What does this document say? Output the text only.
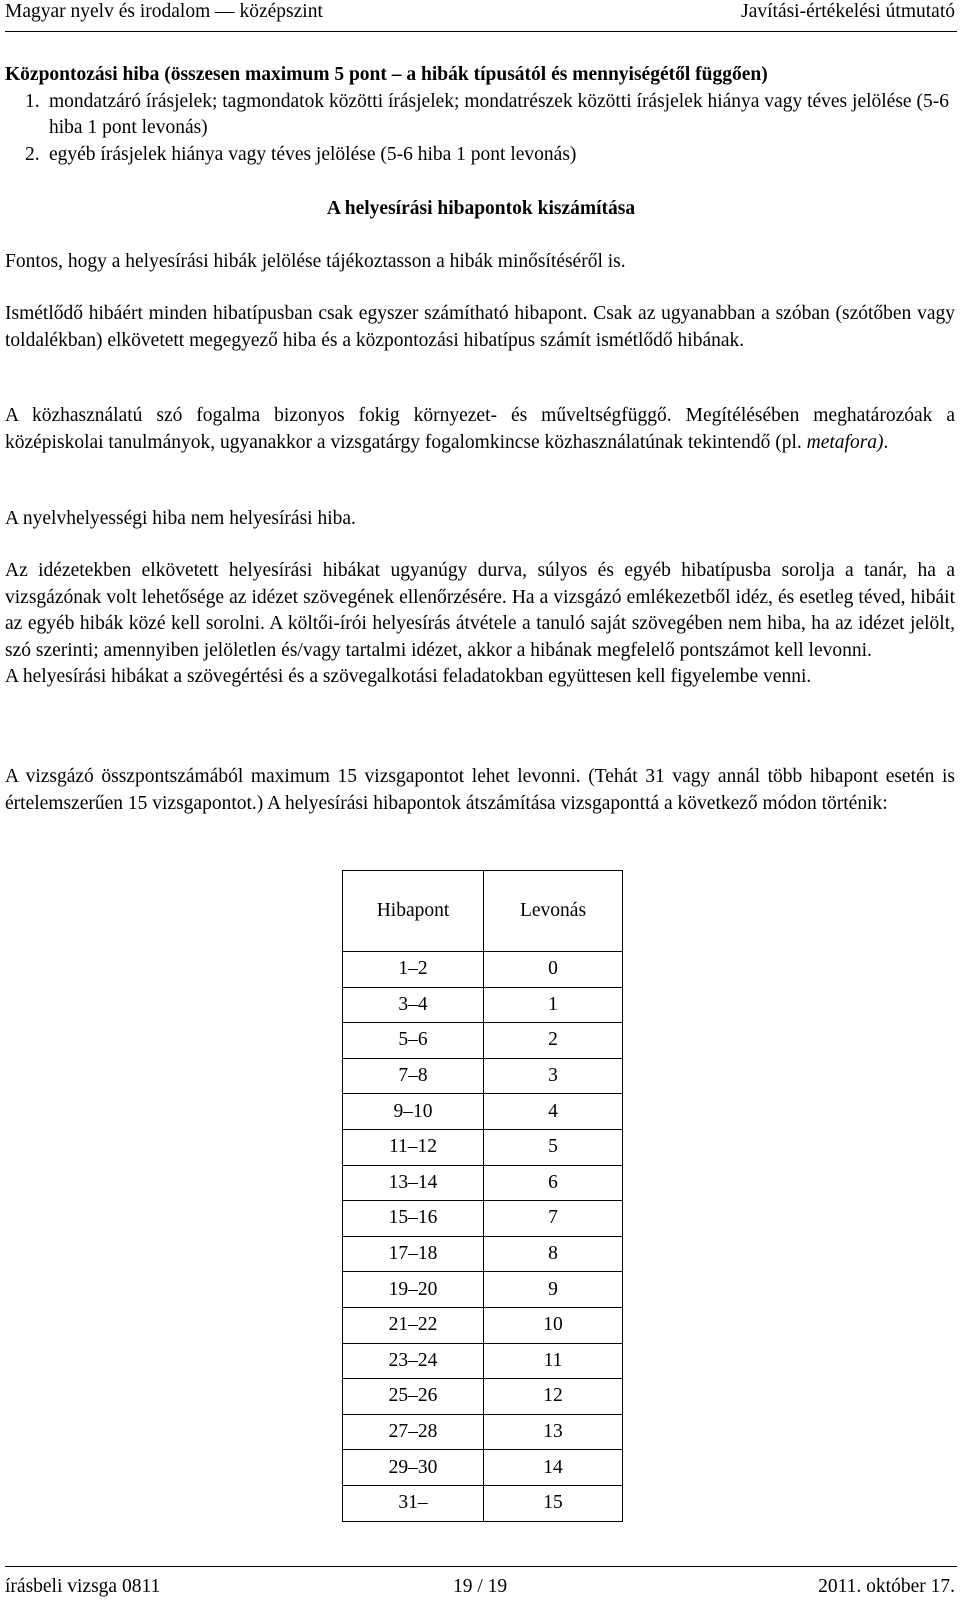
Magyar nyelv és irodalom — középszint	Javítási-értékelési útmutató

Központozási hiba (összesen maximum 5 pont – a hibák típusától és mennyiségétől függően)

1. mondatzáró írásjelek; tagmondatok közötti írásjelek; mondatrészek közötti írásjelek hiánya vagy téves jelölése (5-6 hiba 1 pont levonás)
2. egyéb írásjelek hiánya vagy téves jelölése (5-6 hiba 1 pont levonás)
A helyesírási hibapontok kiszámítása

Fontos, hogy a helyesírási hibák jelölése tájékoztasson a hibák minősítéséről is.

Ismétlődő hibáért minden hibatípusban csak egyszer számítható hibapont. Csak az ugyanabban a szóban (szótőben vagy toldalékban) elkövetett megegyező hiba és a központozási hibatípus számít ismétlődő hibának.

A közhasználatú szó fogalma bizonyos fokig környezet- és műveltségfüggő. Megítélésében meghatározóak a középiskolai tanulmányok, ugyanakkor a vizsgatárgy fogalomkincse közhasználatúnak tekintendő (pl. metafora).

A nyelvhelyességi hiba nem helyesírási hiba.

Az idézetekben elkövetett helyesírási hibákat ugyanúgy durva, súlyos és egyéb hibatípusba sorolja a tanár, ha a vizsgázónak volt lehetősége az idézet szövegének ellenőrzésére. Ha a vizsgázó emlékezetből idéz, és esetleg téved, hibáit az egyéb hibák közé kell sorolni. A költői-írói helyesírás átvétele a tanuló saját szövegében nem hiba, ha az idézet jelölt, szó szerinti; amennyiben jelöletlen és/vagy tartalmi idézet, akkor a hibának megfelelő pontszámot kell levonni.

A helyesírási hibákat a szövegértési és a szövegalkotási feladatokban együttesen kell figyelembe venni.

A vizsgázó összpontszámából maximum 15 vizsgapontot lehet levonni. (Tehát 31 vagy annál több hibapont esetén is értelemszerűen 15 vizsgapontot.) A helyesírási hibapontok átszámítása vizsgaponttá a következő módon történik:

Hibapont	Levonás
1–2	0
3–4	1
5–6	2
7–8	3
9–10	4
11–12	5
13–14	6
15–16	7
17–18	8
19–20	9
21–22	10
23–24	11
25–26	12
27–28	13
29–30	14
31–	15
írásbeli vizsga 0811	19 / 19	2011. október 17.
